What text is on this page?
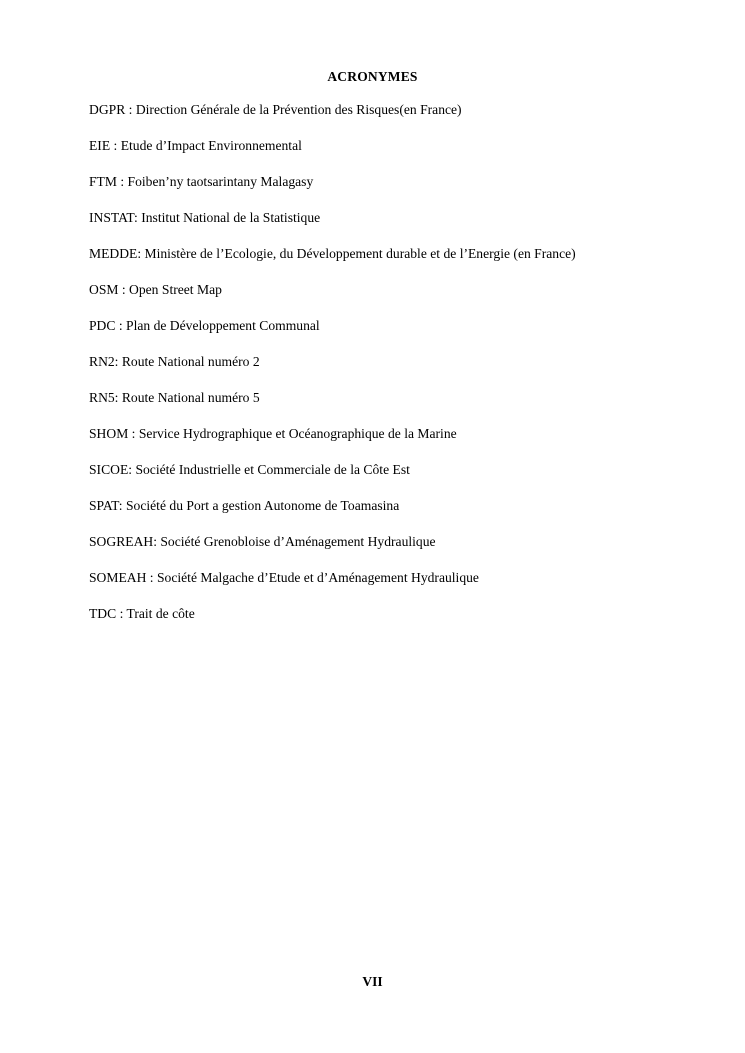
ACRONYMES
DGPR : Direction Générale de la Prévention des Risques(en France)
EIE : Etude d’Impact Environnemental
FTM : Foiben’ny taotsarintany Malagasy
INSTAT: Institut National de la Statistique
MEDDE: Ministère de l’Ecologie, du Développement durable et de l’Energie (en France)
OSM : Open Street Map
PDC : Plan de Développement Communal
RN2: Route National numéro 2
RN5: Route National numéro 5
SHOM : Service Hydrographique et Océanographique de la Marine
SICOE: Société Industrielle et Commerciale de la Côte Est
SPAT: Société du Port a gestion Autonome de Toamasina
SOGREAH: Société Grenobloise d’Aménagement Hydraulique
SOMEAH : Société Malgache d’Etude et d’Aménagement Hydraulique
TDC : Trait de côte
VII
